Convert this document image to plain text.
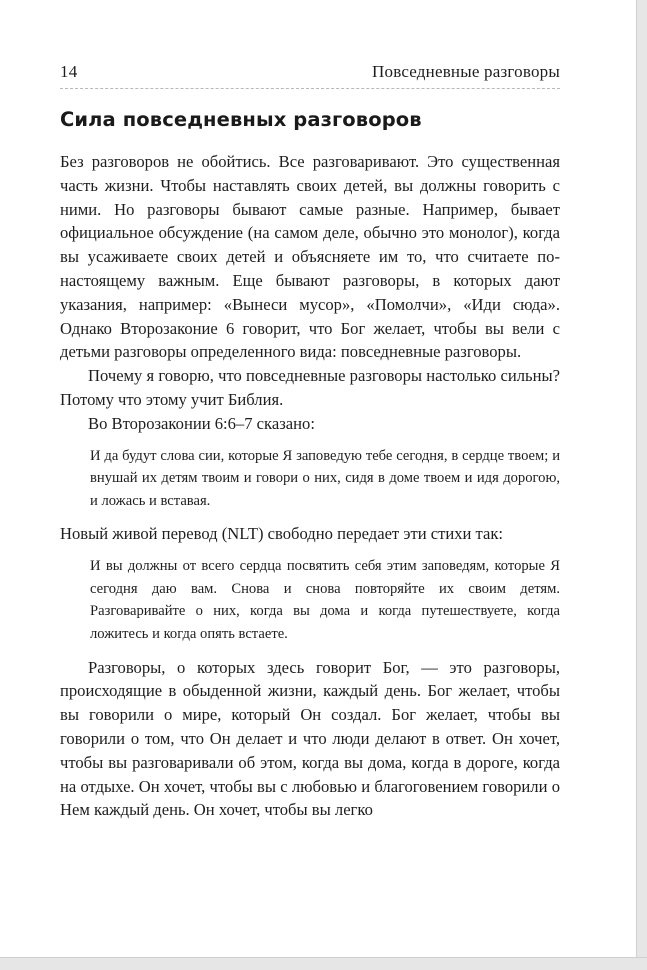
14	Повседневные разговоры
Сила повседневных разговоров

Без разговоров не обойтись. Все разговаривают. Это существенная часть жизни. Чтобы наставлять своих детей, вы должны говорить с ними. Но разговоры бывают самые разные. Например, бывает официальное обсуждение (на самом деле, обычно это монолог), когда вы усаживаете своих детей и объясняете им то, что считаете по-настоящему важным. Еще бывают разговоры, в которых дают указания, например: «Вынеси мусор», «Помолчи», «Иди сюда». Однако Второзаконие 6 говорит, что Бог желает, чтобы вы вели с детьми разговоры определенного вида: повседневные разговоры.

Почему я говорю, что повседневные разговоры настолько сильны? Потому что этому учит Библия.

Во Второзаконии 6:6–7 сказано:

И да будут слова сии, которые Я заповедую тебе сегодня, в сердце твоем; и внушай их детям твоим и говори о них, сидя в доме твоем и идя дорогою, и ложась и вставая.

Новый живой перевод (NLT) свободно передает эти стихи так:

И вы должны от всего сердца посвятить себя этим заповедям, которые Я сегодня даю вам. Снова и снова повторяйте их своим детям. Разговаривайте о них, когда вы дома и когда путешествуете, когда ложитесь и когда опять встаете.

Разговоры, о которых здесь говорит Бог, — это разговоры, происходящие в обыденной жизни, каждый день. Бог желает, чтобы вы говорили о мире, который Он создал. Бог желает, чтобы вы говорили о том, что Он делает и что люди делают в ответ. Он хочет, чтобы вы разговаривали об этом, когда вы дома, когда в дороге, когда на отдыхе. Он хочет, чтобы вы с любовью и благоговением говорили о Нем каждый день. Он хочет, чтобы вы легко
